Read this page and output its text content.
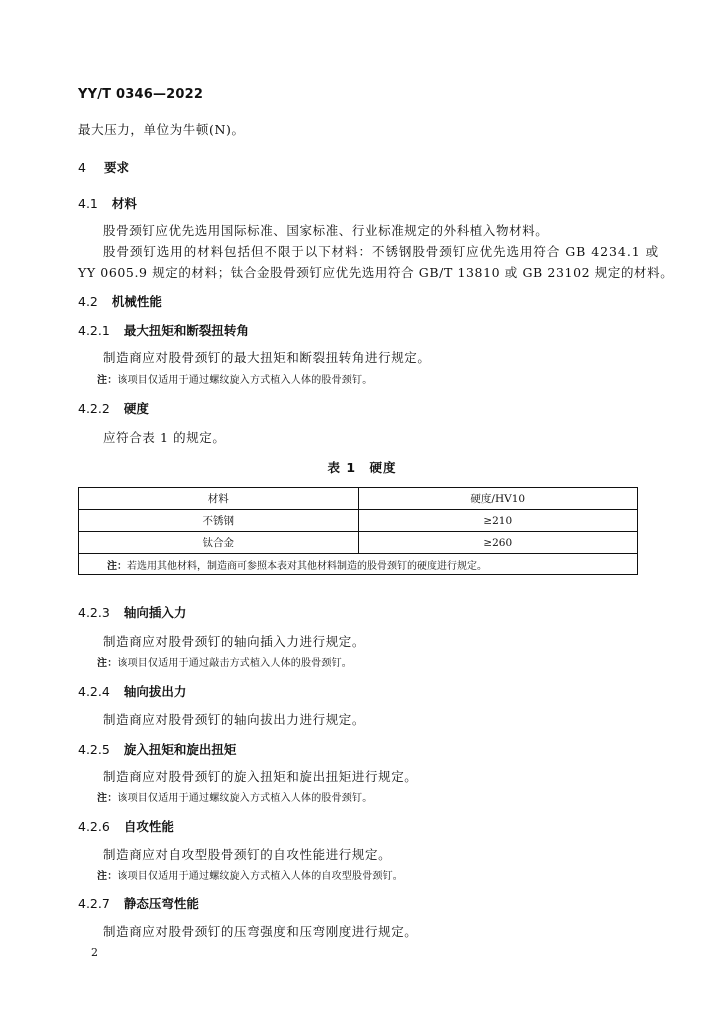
YY/T 0346—2022
最大压力，单位为牛顿(N)。
4 要求
4.1 材料
股骨颈钉应优先选用国际标准、国家标准、行业标准规定的外科植入物材料。
股骨颈钉选用的材料包括但不限于以下材料：不锈钢股骨颈钉应优先选用符合 GB 4234.1 或
YY 0605.9 规定的材料；钛合金股骨颈钉应优先选用符合 GB/T 13810 或 GB 23102 规定的材料。
4.2 机械性能
4.2.1 最大扭矩和断裂扭转角
制造商应对股骨颈钉的最大扭矩和断裂扭转角进行规定。
注：该项目仅适用于通过螺纹旋入方式植入人体的股骨颈钉。
4.2.2 硬度
应符合表 1 的规定。
表 1　硬度
材料	硬度/HV10
不锈钢	≥210
钛合金	≥260
注：若选用其他材料，制造商可参照本表对其他材料制造的股骨颈钉的硬度进行规定。	
4.2.3 轴向插入力
制造商应对股骨颈钉的轴向插入力进行规定。
注：该项目仅适用于通过敲击方式植入人体的股骨颈钉。
4.2.4 轴向拔出力
制造商应对股骨颈钉的轴向拔出力进行规定。
4.2.5 旋入扭矩和旋出扭矩
制造商应对股骨颈钉的旋入扭矩和旋出扭矩进行规定。
注：该项目仅适用于通过螺纹旋入方式植入人体的股骨颈钉。
4.2.6 自攻性能
制造商应对自攻型股骨颈钉的自攻性能进行规定。
注：该项目仅适用于通过螺纹旋入方式植入人体的自攻型股骨颈钉。
4.2.7 静态压弯性能
制造商应对股骨颈钉的压弯强度和压弯刚度进行规定。
2
